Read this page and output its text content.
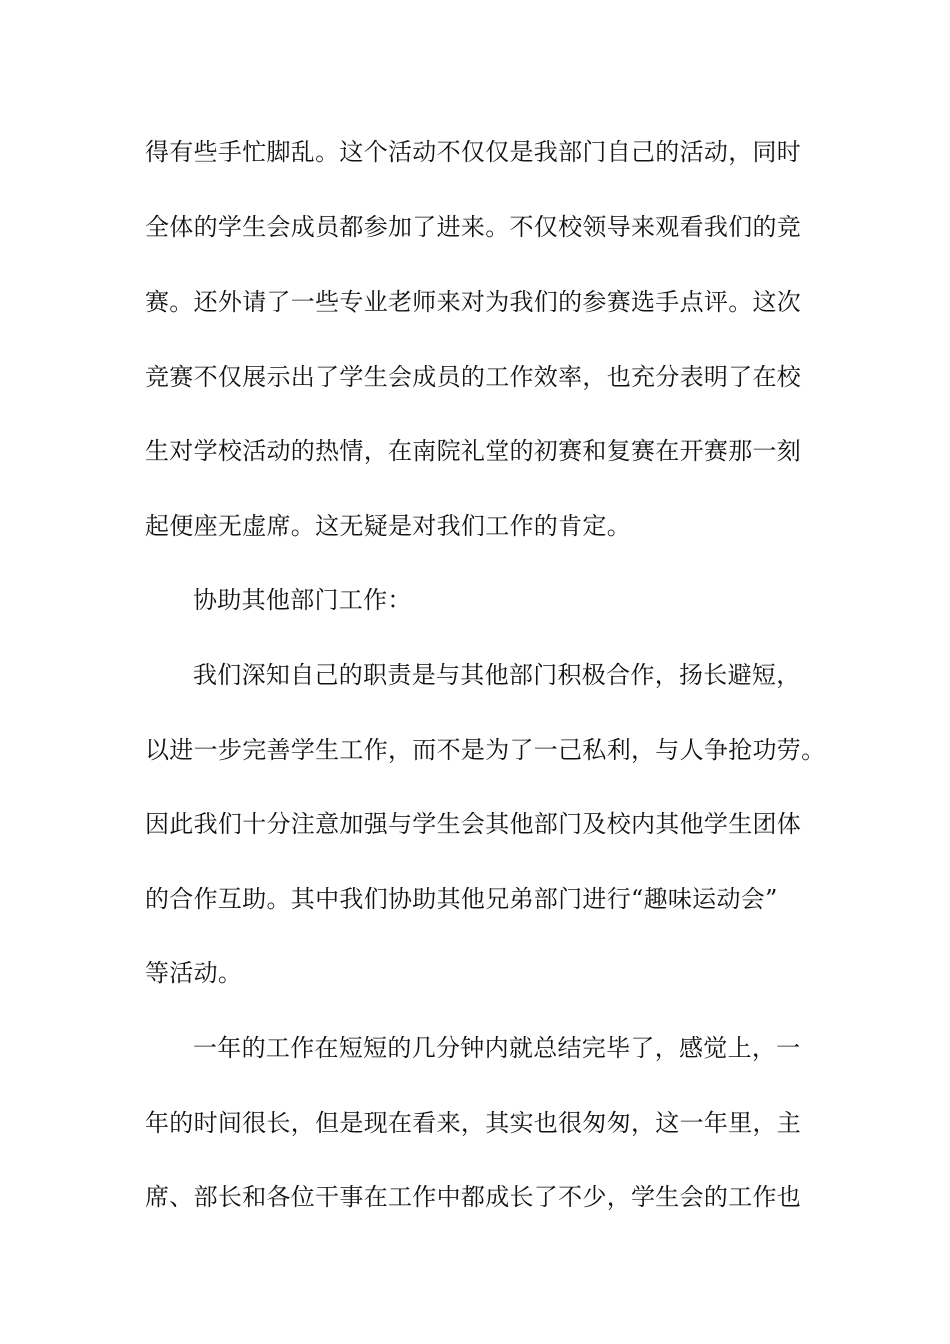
得有些手忙脚乱。这个活动不仅仅是我部门自己的活动，同时
全体的学生会成员都参加了进来。不仅校领导来观看我们的竞
赛。还外请了一些专业老师来对为我们的参赛选手点评。这次
竞赛不仅展示出了学生会成员的工作效率，也充分表明了在校
生对学校活动的热情，在南院礼堂的初赛和复赛在开赛那一刻
起便座无虚席。这无疑是对我们工作的肯定。
协助其他部门工作：
我们深知自己的职责是与其他部门积极合作，扬长避短，
以进一步完善学生工作，而不是为了一己私利，与人争抢功劳。
因此我们十分注意加强与学生会其他部门及校内其他学生团体
的合作互助。其中我们协助其他兄弟部门进行“趣味运动会”
等活动。
一年的工作在短短的几分钟内就总结完毕了，感觉上，一
年的时间很长，但是现在看来，其实也很匆匆，这一年里，主
席、部长和各位干事在工作中都成长了不少，学生会的工作也
